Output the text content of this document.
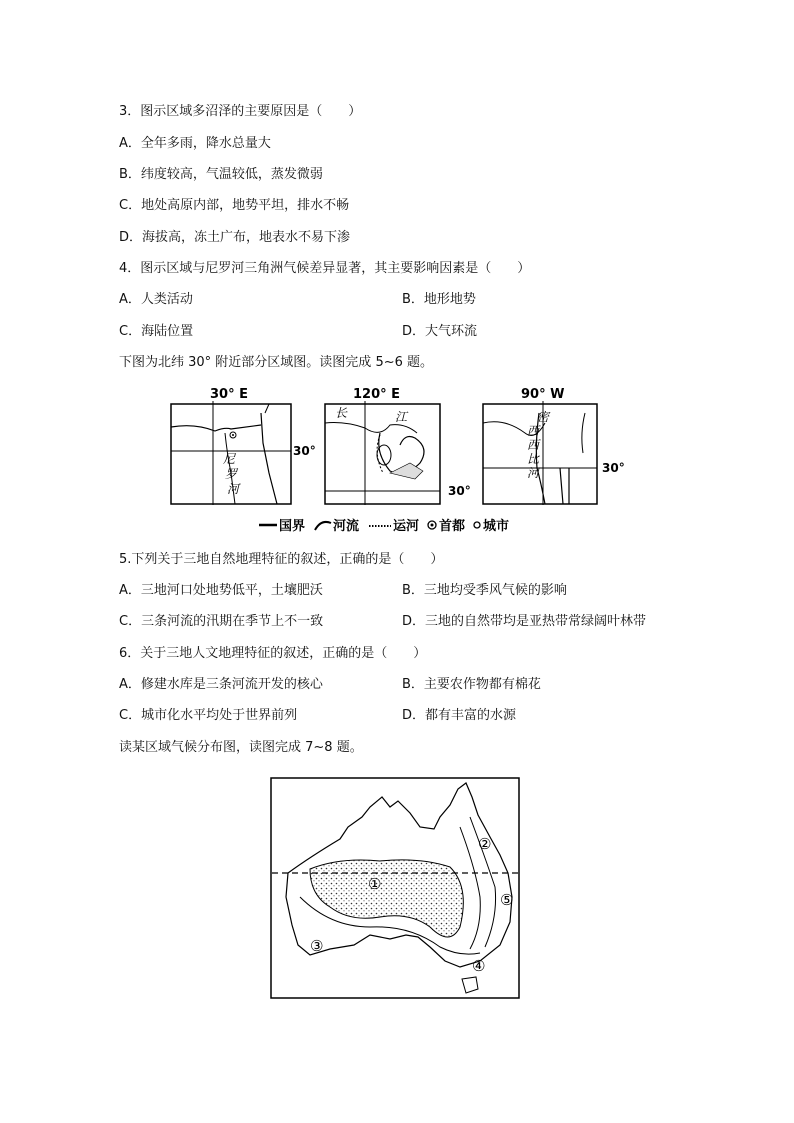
3．图示区域多沼泽的主要原因是（　　）
A．全年多雨，降水总量大
B．纬度较高，气温较低，蒸发微弱
C．地处高原内部，地势平坦，排水不畅
D．海拔高，冻土广布，地表水不易下渗
4．图示区域与尼罗河三角洲气候差异显著，其主要影响因素是（　　）
A．人类活动	B．地形地势
C．海陆位置	D．大气环流
下图为北纬 30° 附近部分区域图。读图完成 5~6 题。
30° E
尼
罗
河
30°
120° E
长	江
30°
90° W
密
西
西
比
河	30°
国界 河流	运河 首都 城市
5.下列关于三地自然地理特征的叙述，正确的是（　　）
A．三地河口处地势低平，土壤肥沃	B．三地均受季风气候的影响
C．三条河流的汛期在季节上不一致	D．三地的自然带均是亚热带常绿阔叶林带
6．关于三地人文地理特征的叙述，正确的是（　　）
A．修建水库是三条河流开发的核心	B．主要农作物都有棉花
C．城市化水平均处于世界前列	D．都有丰富的水源
读某区域气候分布图，读图完成 7~8 题。
①
②
③
④
⑤
